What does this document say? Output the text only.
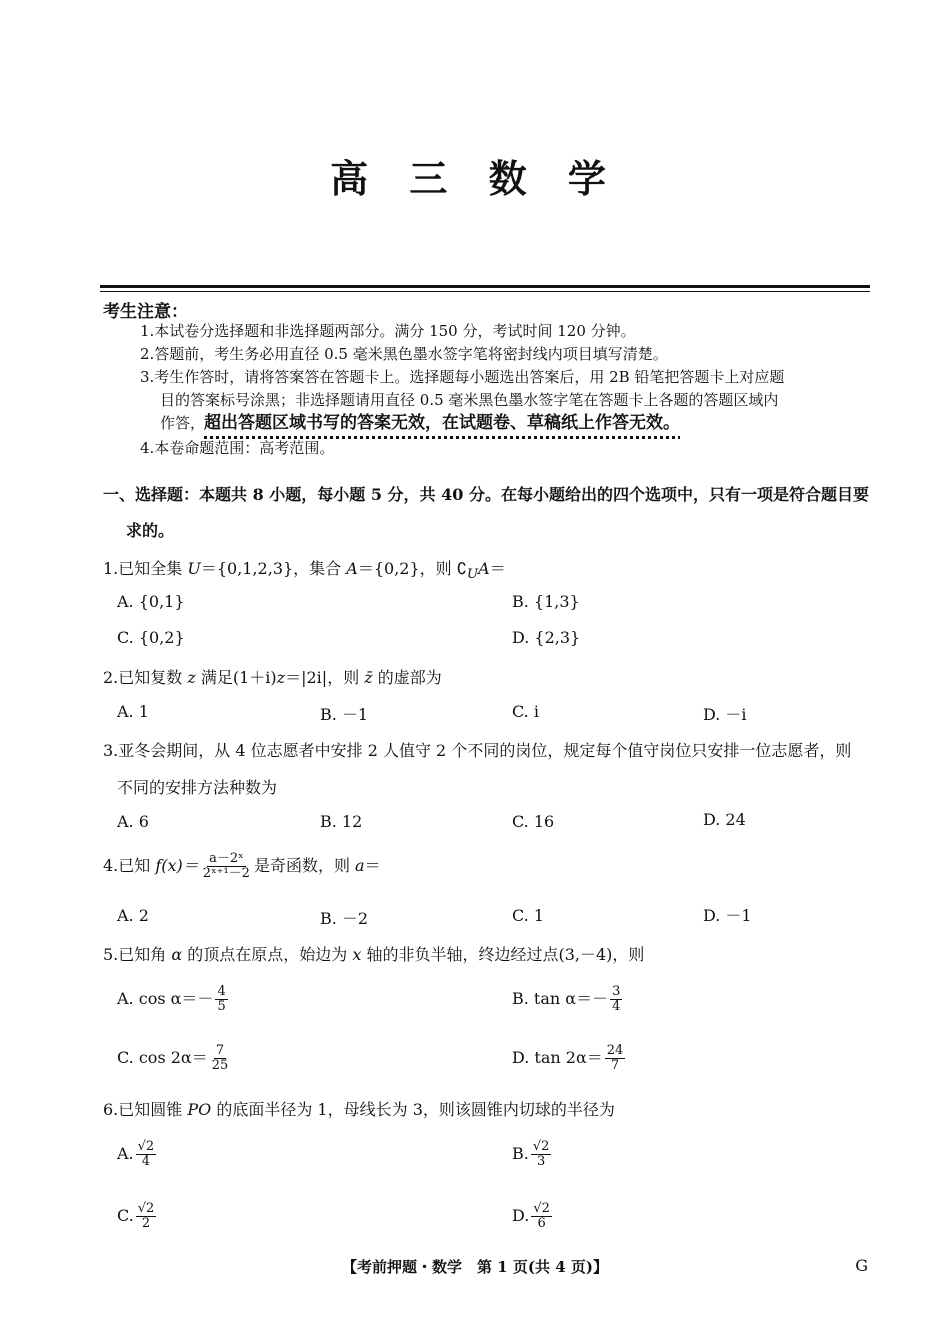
高 三 数 学
考生注意：
1.本试卷分选择题和非选择题两部分。满分 150 分，考试时间 120 分钟。
2.答题前，考生务必用直径 0.5 毫米黑色墨水签字笔将密封线内项目填写清楚。
3.考生作答时，请将答案答在答题卡上。选择题每小题选出答案后，用 2B 铅笔把答题卡上对应题
目的答案标号涂黑；非选择题请用直径 0.5 毫米黑色墨水签字笔在答题卡上各题的答题区域内
作答，
超出答题区域书写的答案无效，在试题卷、草稿纸上作答无效。
4.本卷命题范围：高考范围。
一、选择题：本题共 8 小题，每小题 5 分，共 40 分。在每小题给出的四个选项中，只有一项是符合题目要
求的。
1.已知全集 U＝{0,1,2,3}，集合 A＝{0,2}，则 $∁_UA=$
A. {0,1}	B. {1,3}
C. {0,2}	D. {2,3}
2.已知复数 z 满足(1＋i)z＝|2i|，则 z̄ 的虚部为
A. 1	B. －1	C. i	D. －i
3.亚冬会期间，从 4 位志愿者中安排 2 人值守 2 个不同的岗位，规定每个值守岗位只安排一位志愿者，则
不同的安排方法种数为
A. 6	B. 12	C. 16	D. 24
4.已知 $f(x)= \frac{\text{a－2ˣ}}{\text{2ˣ⁺¹－2}}$ 是奇函数，则 a＝
A. 2	B. －2	C. 1	D. －1
5.已知角 α 的顶点在原点，始边为 x 轴的非负半轴，终边经过点(3,－4)，则
A. $\cos \alpha=- \frac{4}{5}$	B. $\tan \alpha=- \frac{3}{4}$
C. $\cos 2\alpha= \frac{7}{25}$	D. $\tan 2\alpha= \frac{24}{7}$
6.已知圆锥 PO 的底面半径为 1，母线长为 3，则该圆锥内切球的半径为
A. $\frac{√2}{4}$	B. $\frac{√2}{3}$
C. $\frac{√2}{2}$	D. $\frac{√2}{6}$
【考前押题・数学　第 1 页(共 4 页)】	G
